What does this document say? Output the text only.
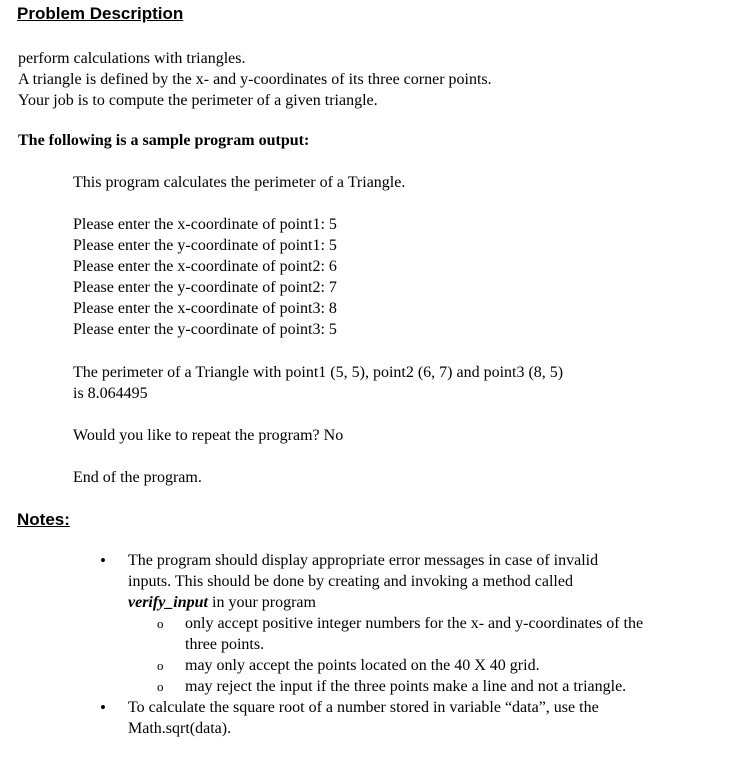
Problem Description
perform calculations with triangles.
A triangle is defined by the x- and y-coordinates of its three corner points.
Your job is to compute the perimeter of a given triangle.
The following is a sample program output:
This program calculates the perimeter of a Triangle.
Please enter the x-coordinate of point1: 5
Please enter the y-coordinate of point1: 5
Please enter the x-coordinate of point2: 6
Please enter the y-coordinate of point2: 7
Please enter the x-coordinate of point3: 8
Please enter the y-coordinate of point3: 5
The perimeter of a Triangle with point1 (5, 5), point2 (6, 7) and point3 (8, 5)
is 8.064495
Would you like to repeat the program? No
End of the program.
Notes:
• The program should display appropriate error messages in case of invalid
inputs. This should be done by creating and invoking a method called
verify_input in your program
o only accept positive integer numbers for the x- and y-coordinates of the three points.
o may only accept the points located on the 40 X 40 grid.
o may reject the input if the three points make a line and not a triangle.
• To calculate the square root of a number stored in variable “data”, use the
Math.sqrt(data).
